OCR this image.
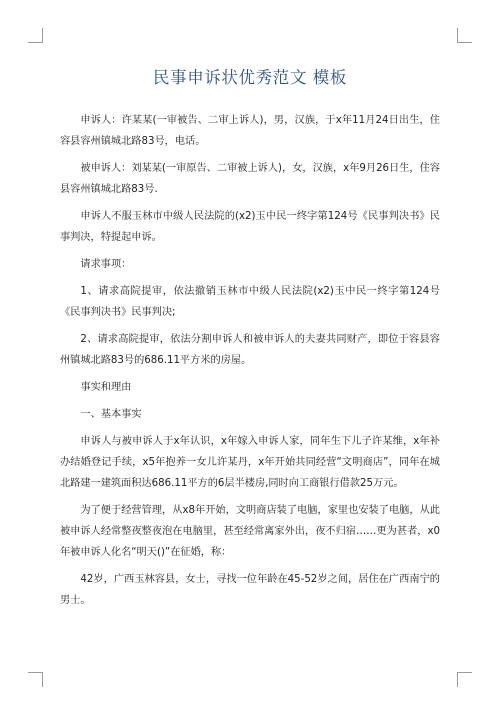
民事申诉状优秀范文 模板

申诉人：许某某(一审被告、二审上诉人)，男，汉族，于x年11月24日出生，住容县容州镇城北路83号，电话。

被申诉人：刘某某(一审原告、二审被上诉人)，女，汉族，x年9月26日生，住容县容州镇城北路83号.

申诉人不服玉林市中级人民法院的(x2)玉中民一终字第124号《民事判决书》民事判决，特提起申诉。

请求事项：

1、请求高院提审，依法撤销玉林市中级人民法院(x2)玉中民一终字第124号《民事判决书》民事判决;

2、请求高院提审，依法分割申诉人和被申诉人的夫妻共同财产，即位于容县容州镇城北路83号的686.11平方米的房屋。

事实和理由

一、基本事实

申诉人与被申诉人于x年认识，x年嫁入申诉人家，同年生下儿子许某维，x年补办结婚登记手续，x5年抱养一女儿许某丹，x年开始共同经营“文明商店”，同年在城北路建一建筑面积达686.11平方的6层半楼房,同时向工商银行借款25万元。

为了便于经营管理，从x8年开始，文明商店装了电脑，家里也安装了电脑，从此被申诉人经常整夜整夜泡在电脑里，甚至经常离家外出，夜不归宿……更为甚者，x0年被申诉人化名“明天()”在征婚，称：

42岁，广西玉林容县，女士，寻找一位年龄在45-52岁之间，居住在广西南宁的男士。
